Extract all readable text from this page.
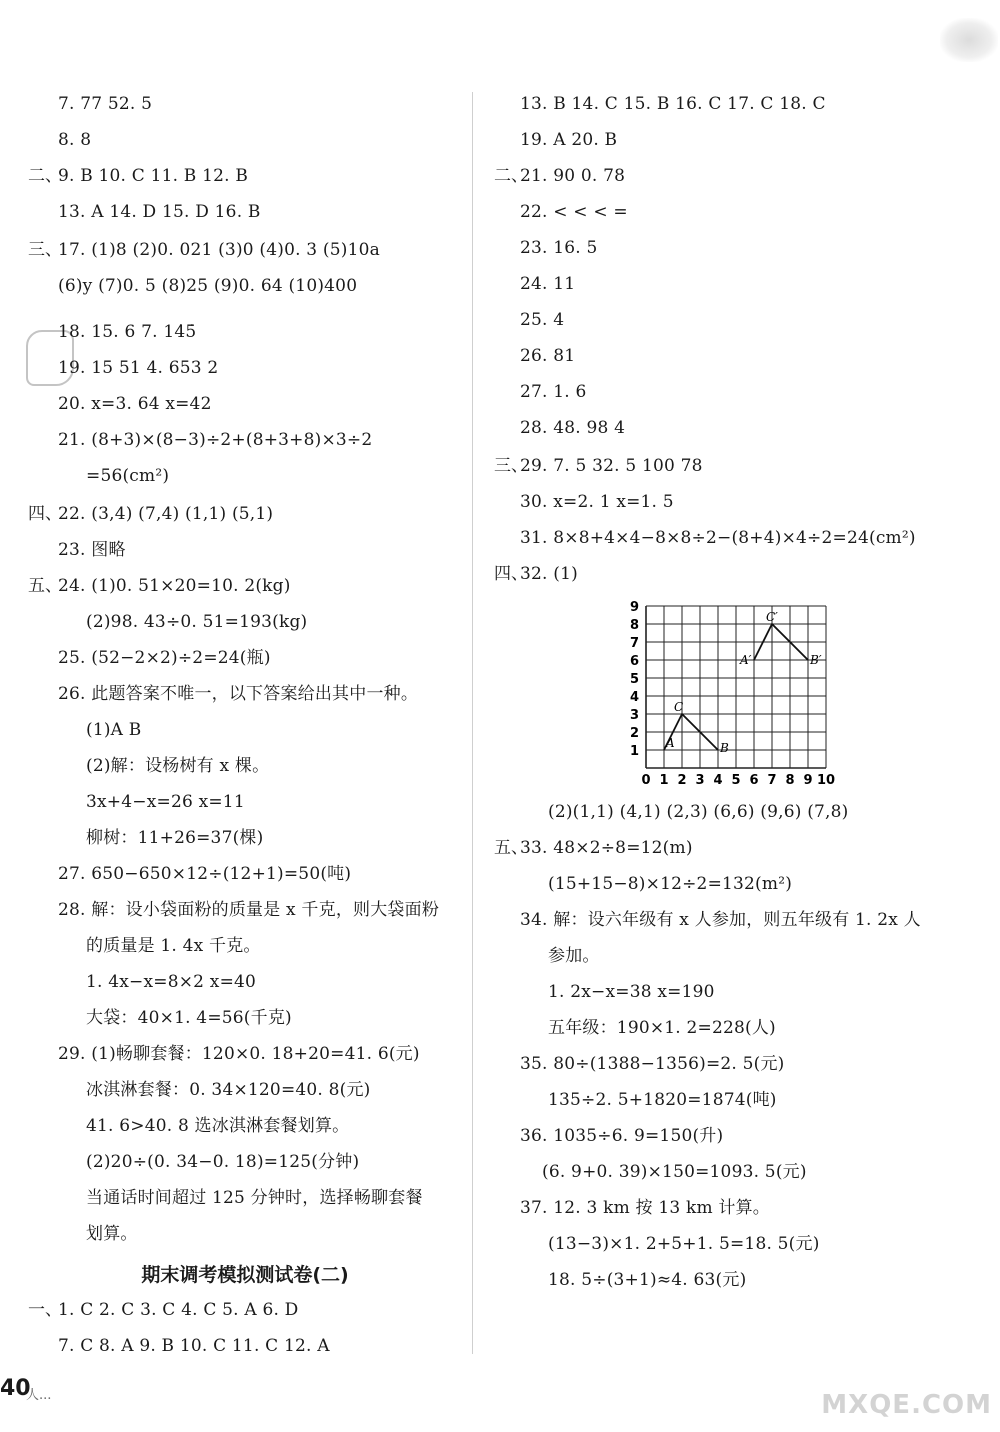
7. 77 52. 5
8. 8
二、
9. B 10. C 11. B 12. B
13. A 14. D 15. D 16. B
三、
17. (1)8 (2)0. 021 (3)0 (4)0. 3 (5)10a
(6)y (7)0. 5 (8)25 (9)0. 64 (10)400
18. 15. 6 7. 14̇5̇
19. 15 51 4. 653 2
20. x=3. 64 x=42
21. (8+3)×(8−3)÷2+(8+3+8)×3÷2
=56(cm²)
四、
22. (3,4) (7,4) (1,1) (5,1)
23. 图略
五、
24. (1)0. 51×20=10. 2(kg)
(2)98. 43÷0. 51=193(kg)
25. (52−2×2)÷2=24(瓶)
26. 此题答案不唯一，以下答案给出其中一种。
(1)A B
(2)解：设杨树有 x 棵。
3x+4−x=26 x=11
柳树：11+26=37(棵)
27. 650−650×12÷(12+1)=50(吨)
28. 解：设小袋面粉的质量是 x 千克，则大袋面粉
的质量是 1. 4x 千克。
1. 4x−x=8×2 x=40
大袋：40×1. 4=56(千克)
29. (1)畅聊套餐：120×0. 18+20=41. 6(元)
冰淇淋套餐：0. 34×120=40. 8(元)
41. 6>40. 8 选冰淇淋套餐划算。
(2)20÷(0. 34−0. 18)=125(分钟)
当通话时间超过 125 分钟时，选择畅聊套餐
划算。
期末调考模拟测试卷(二)
一、
1. C 2. C 3. C 4. C 5. A 6. D
7. C 8. A 9. B 10. C 11. C 12. A
13. B 14. C 15. B 16. C 17. C 18. C
19. A 20. B
二、
21. 90 0. 78
22. < < < =
23. 16. 5
24. 11
25. 4
26. 81
27. 1. 6
28. 48. 98 4
三、
29. 7. 5 32. 5 100 78
30. x=2. 1 x=1. 5
31. 8×8+4×4−8×8÷2−(8+4)×4÷2=24(cm²)
四、
32. (1)
0 1 2 3 4 5 6 7 8 9 10
1
2
3
4
5
6
7
8
9
A	B
C
A′	B′
C′
(2)(1,1) (4,1) (2,3) (6,6) (9,6) (7,8)
五、
33. 48×2÷8=12(m)
(15+15−8)×12÷2=132(m²)
34. 解：设六年级有 x 人参加，则五年级有 1. 2x 人
参加。
1. 2x−x=38 x=190
五年级：190×1. 2=228(人)
35. 80÷(1388−1356)=2. 5(元)
135÷2. 5+1820=1874(吨)
36. 1035÷6. 9=150(升)
(6. 9+0. 39)×150=1093. 5(元)
37. 12. 3 km 按 13 km 计算。
(13−3)×1. 2+5+1. 5=18. 5(元)
18. 5÷(3+1)≈4. 63(元)
40
人...	MXQE.COM
